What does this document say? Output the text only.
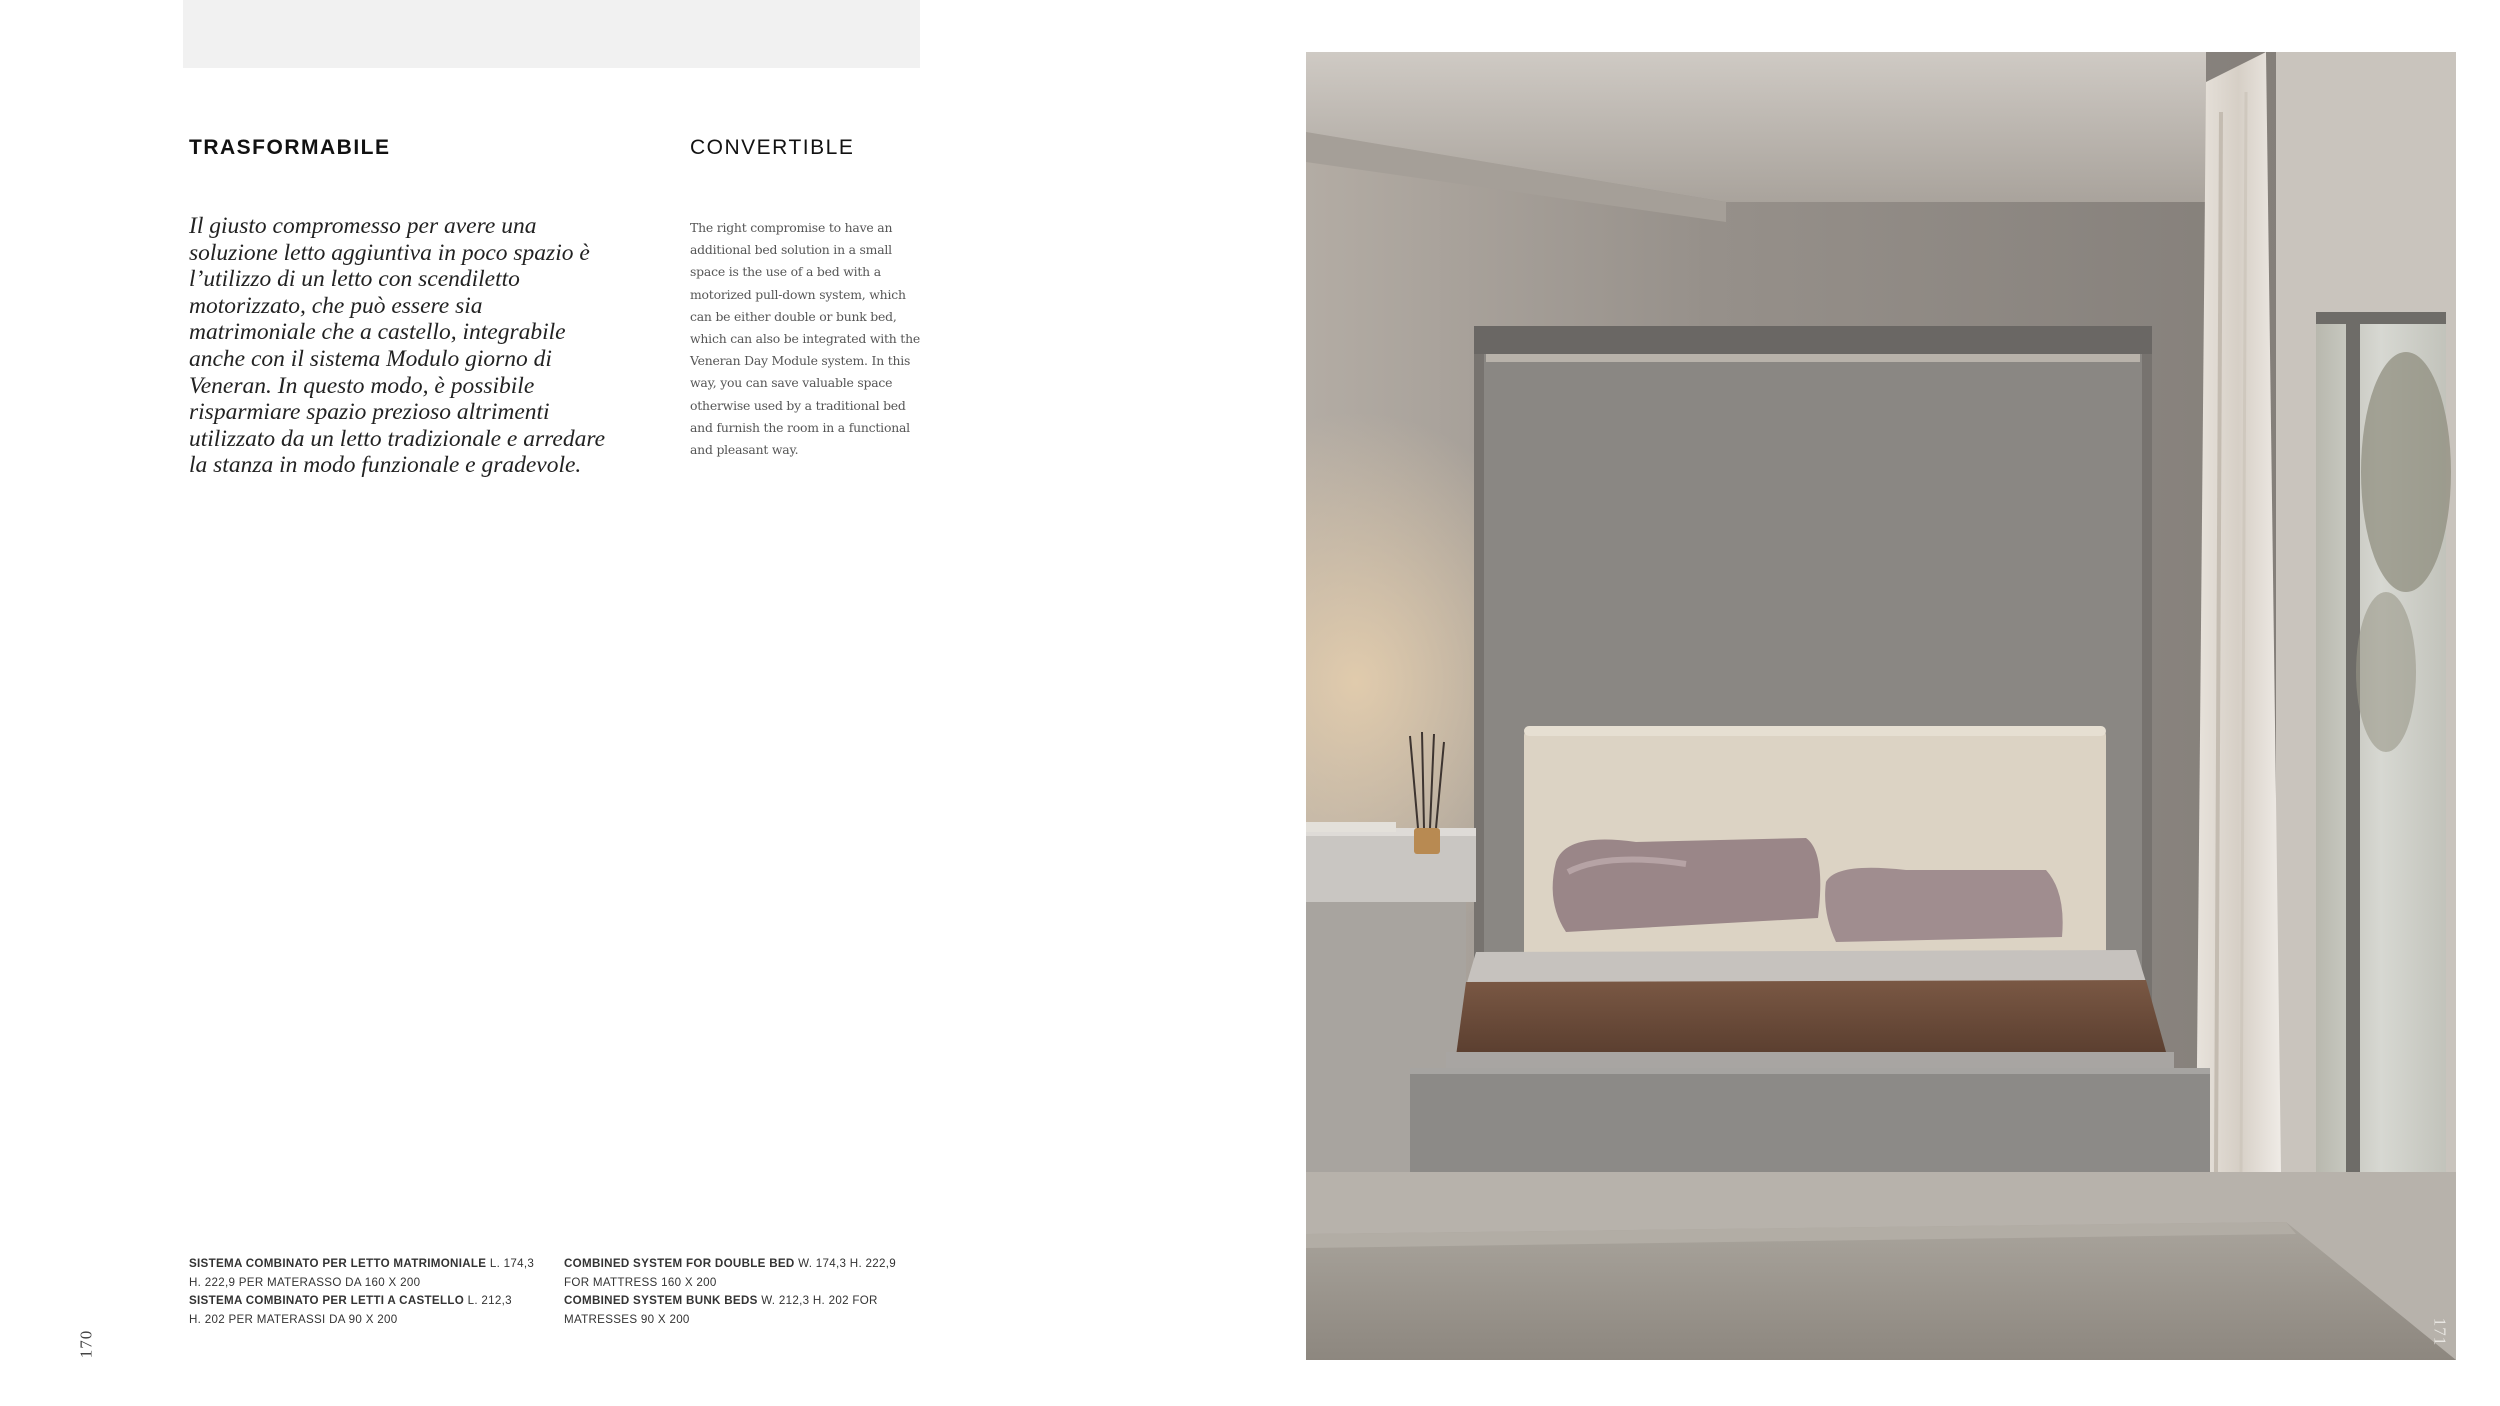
TRASFORMABILE	CONVERTIBLE

Il giusto compromesso per avere una soluzione letto aggiuntiva in poco spazio è l’utilizzo di un letto con scendiletto motorizzato, che può essere sia matrimoniale che a castello, integrabile anche con il sistema Modulo giorno di Veneran. In questo modo, è possibile risparmiare spazio prezioso altrimenti utilizzato da un letto tradizionale e arredare la stanza in modo funzionale e gradevole.

The right compromise to have an additional bed solution in a small space is the use of a bed with a motorized pull-down system, which can be either double or bunk bed, which can also be integrated with the Veneran Day Module system. In this way, you can save valuable space otherwise used by a traditional bed and furnish the room in a functional and pleasant way.

SISTEMA COMBINATO PER LETTO MATRIMONIALE L. 174,3
H. 222,9 PER MATERASSO DA 160 X 200
SISTEMA COMBINATO PER LETTI A CASTELLO L. 212,3
H. 202 PER MATERASSI DA 90 X 200
COMBINED SYSTEM FOR DOUBLE BED W. 174,3 H. 222,9
FOR MATTRESS 160 X 200
COMBINED SYSTEM BUNK BEDS W. 212,3 H. 202 FOR
MATRESSES 90 X 200
170	171
